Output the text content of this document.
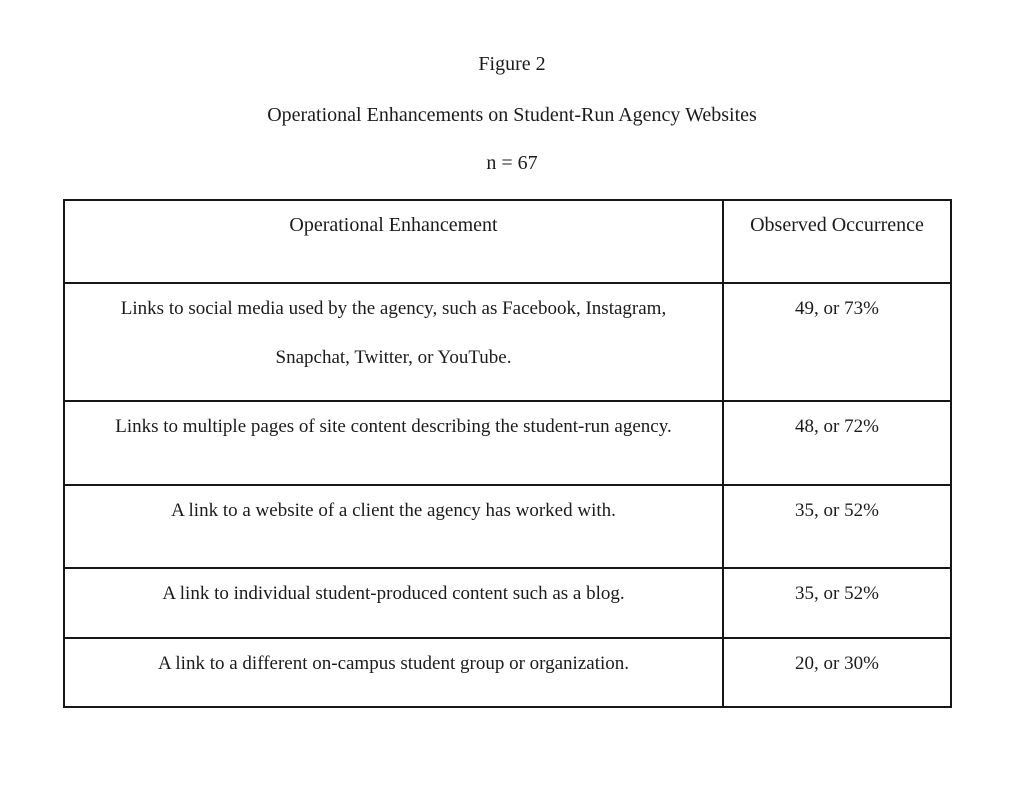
Figure 2
Operational Enhancements on Student-Run Agency Websites
n = 67
Operational Enhancement	Observed Occurrence

Links to social media used by the agency, such as Facebook, Instagram,
Snapchat, Twitter, or YouTube.	49, or 73%

Links to multiple pages of site content describing the student-run agency.	48, or 72%

A link to a website of a client the agency has worked with.	35, or 52%

A link to individual student-produced content such as a blog.	35, or 52%

A link to a different on-campus student group or organization.	20, or 30%
